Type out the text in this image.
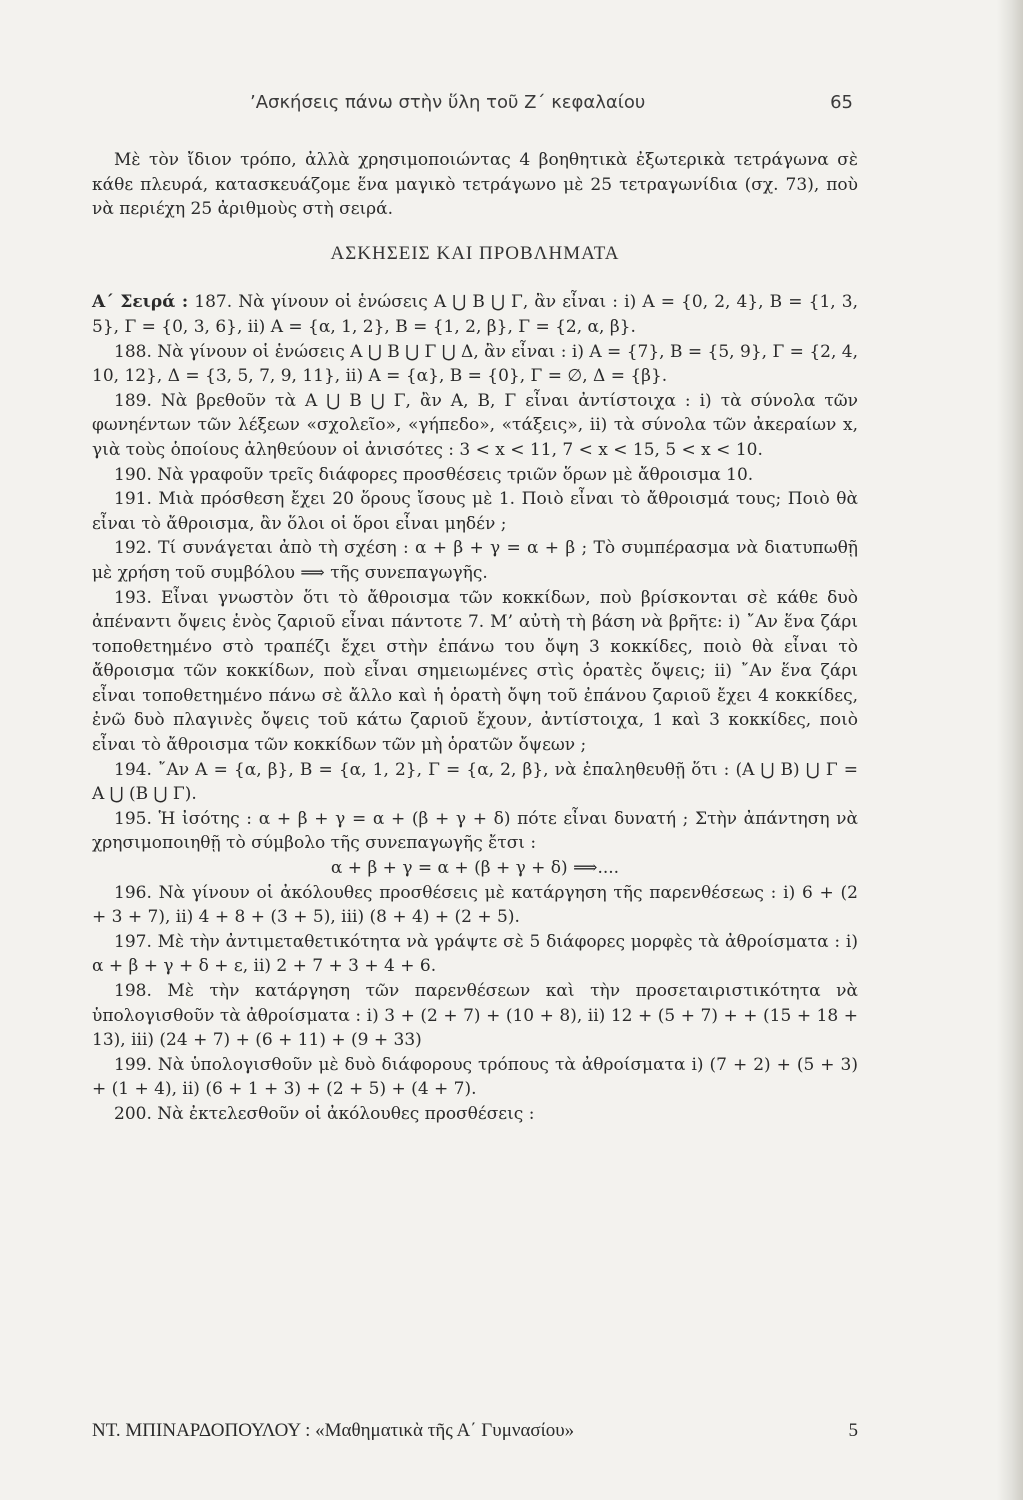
’Ασκήσεις πάνω στὴν ὕλη τοῦ Ζ΄ κεφαλαίου	65

Μὲ τὸν ἴδιον τρόπο, ἀλλὰ χρησιμοποιώντας 4 βοηθητικὰ ἐξωτερικὰ τετράγωνα σὲ κάθε πλευρά, κατασκευάζομε ἕνα μαγικὸ τετράγωνο μὲ 25 τετραγωνίδια (σχ. 73), ποὺ νὰ περιέχη 25 ἀριθμοὺς στὴ σειρά.

ΑΣΚΗΣΕΙΣ ΚΑΙ ΠΡΟΒΛΗΜΑΤΑ

Α΄ Σειρά : 187. Νὰ γίνουν οἱ ἑνώσεις Α ⋃ Β ⋃ Γ, ἂν εἶναι : i) Α = {0, 2, 4}, Β = {1, 3, 5}, Γ = {0, 3, 6}, ii) Α = {α, 1, 2}, Β = {1, 2, β}, Γ = {2, α, β}.

188. Νὰ γίνουν οἱ ἑνώσεις Α ⋃ Β ⋃ Γ ⋃ Δ, ἂν εἶναι : i) Α = {7}, Β = {5, 9}, Γ = {2, 4, 10, 12}, Δ = {3, 5, 7, 9, 11}, ii) Α = {α}, Β = {0}, Γ = ∅, Δ = {β}.

189. Νὰ βρεθοῦν τὰ Α ⋃ Β ⋃ Γ, ἂν Α, Β, Γ εἶναι ἀντίστοιχα : i) τὰ σύνολα τῶν φωνηέντων τῶν λέξεων «σχολεῖο», «γήπεδο», «τάξεις», ii) τὰ σύνολα τῶν ἀκεραίων x, γιὰ τοὺς ὁποίους ἀληθεύουν οἱ ἀνισότες : 3 < x < 11, 7 < x < 15, 5 < x < 10.

190. Νὰ γραφοῦν τρεῖς διάφορες προσθέσεις τριῶν ὅρων μὲ ἄθροισμα 10.

191. Μιὰ πρόσθεση ἔχει 20 ὅρους ἴσους μὲ 1. Ποιὸ εἶναι τὸ ἄθροισμά τους; Ποιὸ θὰ εἶναι τὸ ἄθροισμα, ἂν ὅλοι οἱ ὅροι εἶναι μηδέν ;

192. Τί συνάγεται ἀπὸ τὴ σχέση : α + β + γ = α + β ; Τὸ συμπέρασμα νὰ διατυπωθῇ μὲ χρήση τοῦ συμβόλου ⟹ τῆς συνεπαγωγῆς.

193. Εἶναι γνωστὸν ὅτι τὸ ἄθροισμα τῶν κοκκίδων, ποὺ βρίσκονται σὲ κάθε δυὸ ἀπέναντι ὄψεις ἑνὸς ζαριοῦ εἶναι πάντοτε 7. Μ’ αὐτὴ τὴ βάση νὰ βρῆτε: i) ῎Αν ἕνα ζάρι τοποθετημένο στὸ τραπέζι ἔχει στὴν ἐπάνω του ὄψη 3 κοκκίδες, ποιὸ θὰ εἶναι τὸ ἄθροισμα τῶν κοκκίδων, ποὺ εἶναι σημειωμένες στὶς ὁρατὲς ὄψεις; ii) ῎Αν ἕνα ζάρι εἶναι τοποθετημένο πάνω σὲ ἄλλο καὶ ἡ ὁρατὴ ὄψη τοῦ ἐπάνου ζαριοῦ ἔχει 4 κοκκίδες, ἐνῶ δυὸ πλαγινὲς ὄψεις τοῦ κάτω ζαριοῦ ἔχουν, ἀντίστοιχα, 1 καὶ 3 κοκκίδες, ποιὸ εἶναι τὸ ἄθροισμα τῶν κοκκίδων τῶν μὴ ὁρατῶν ὄψεων ;

194. ῎Αν Α = {α, β}, Β = {α, 1, 2}, Γ = {α, 2, β}, νὰ ἐπαληθευθῇ ὅτι : (Α ⋃ Β) ⋃ Γ = Α ⋃ (Β ⋃ Γ).

195. Ἡ ἰσότης : α + β + γ = α + (β + γ + δ) πότε εἶναι δυνατή ; Στὴν ἀπάντηση νὰ χρησιμοποιηθῇ τὸ σύμβολο τῆς συνεπαγωγῆς ἔτσι :

α + β + γ = α + (β + γ + δ) ⟹....

196. Νὰ γίνουν οἱ ἀκόλουθες προσθέσεις μὲ κατάργηση τῆς παρενθέσεως : i) 6 + (2 + 3 + 7), ii) 4 + 8 + (3 + 5), iii) (8 + 4) + (2 + 5).

197. Μὲ τὴν ἀντιμεταθετικότητα νὰ γράψτε σὲ 5 διάφορες μορφὲς τὰ ἀθροίσματα : i) α + β + γ + δ + ε, ii) 2 + 7 + 3 + 4 + 6.

198. Μὲ τὴν κατάργηση τῶν παρενθέσεων καὶ τὴν προσεταιριστικότητα νὰ ὑπολογισθοῦν τὰ ἀθροίσματα : i) 3 + (2 + 7) + (10 + 8), ii) 12 + (5 + 7) + + (15 + 18 + 13), iii) (24 + 7) + (6 + 11) + (9 + 33)

199. Νὰ ὑπολογισθοῦν μὲ δυὸ διάφορους τρόπους τὰ ἀθροίσματα i) (7 + 2) + (5 + 3) + (1 + 4), ii) (6 + 1 + 3) + (2 + 5) + (4 + 7).

200. Νὰ ἐκτελεσθοῦν οἱ ἀκόλουθες προσθέσεις :

ΝΤ. ΜΠΙΝΑΡΔΟΠΟΥΛΟΥ : «Μαθηματικὰ τῆς Α΄ Γυμνασίου»	5
